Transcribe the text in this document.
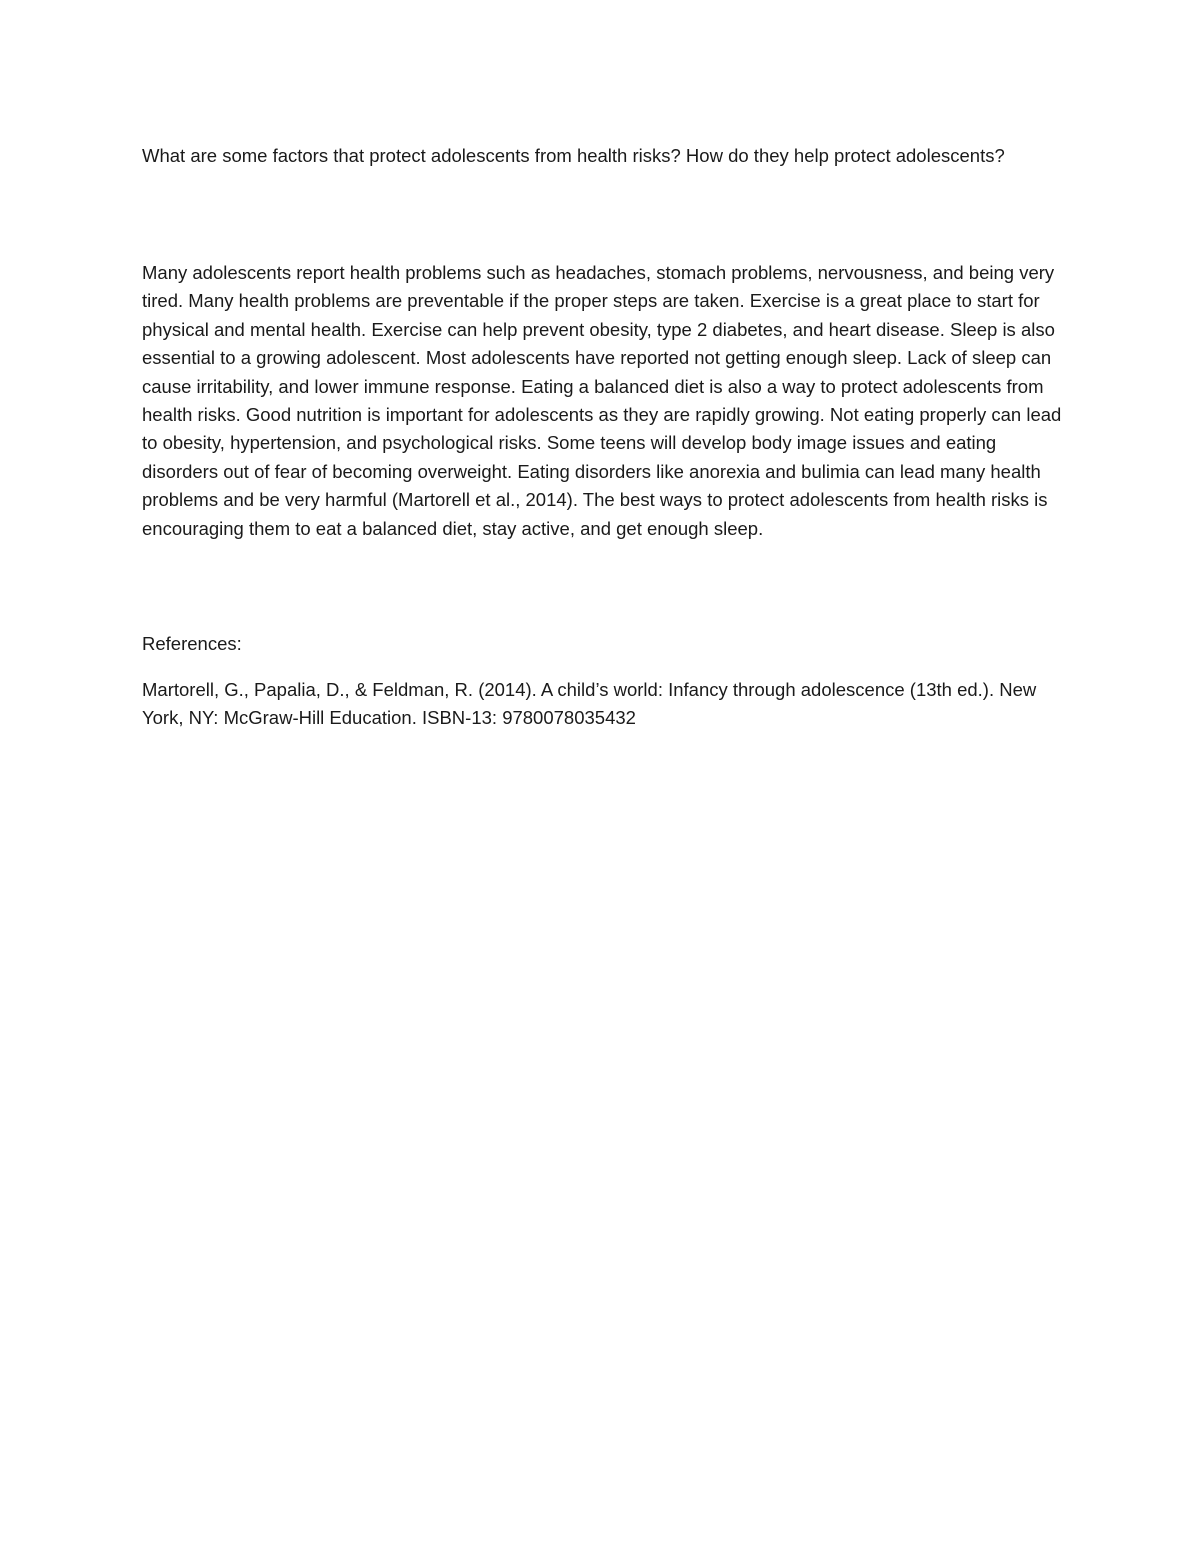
What are some factors that protect adolescents from health risks? How do they help protect adolescents?

Many adolescents report health problems such as headaches, stomach problems, nervousness, and being very tired. Many health problems are preventable if the proper steps are taken. Exercise is a great place to start for physical and mental health. Exercise can help prevent obesity, type 2 diabetes, and heart disease. Sleep is also essential to a growing adolescent. Most adolescents have reported not getting enough sleep. Lack of sleep can cause irritability, and lower immune response. Eating a balanced diet is also a way to protect adolescents from health risks. Good nutrition is important for adolescents as they are rapidly growing. Not eating properly can lead to obesity, hypertension, and psychological risks. Some teens will develop body image issues and eating disorders out of fear of becoming overweight. Eating disorders like anorexia and bulimia can lead many health problems and be very harmful (Martorell et al., 2014). The best ways to protect adolescents from health risks is encouraging them to eat a balanced diet, stay active, and get enough sleep.

References:

Martorell, G., Papalia, D., & Feldman, R. (2014). A child’s world: Infancy through adolescence (13th ed.). New York, NY: McGraw-Hill Education. ISBN-13: 9780078035432
